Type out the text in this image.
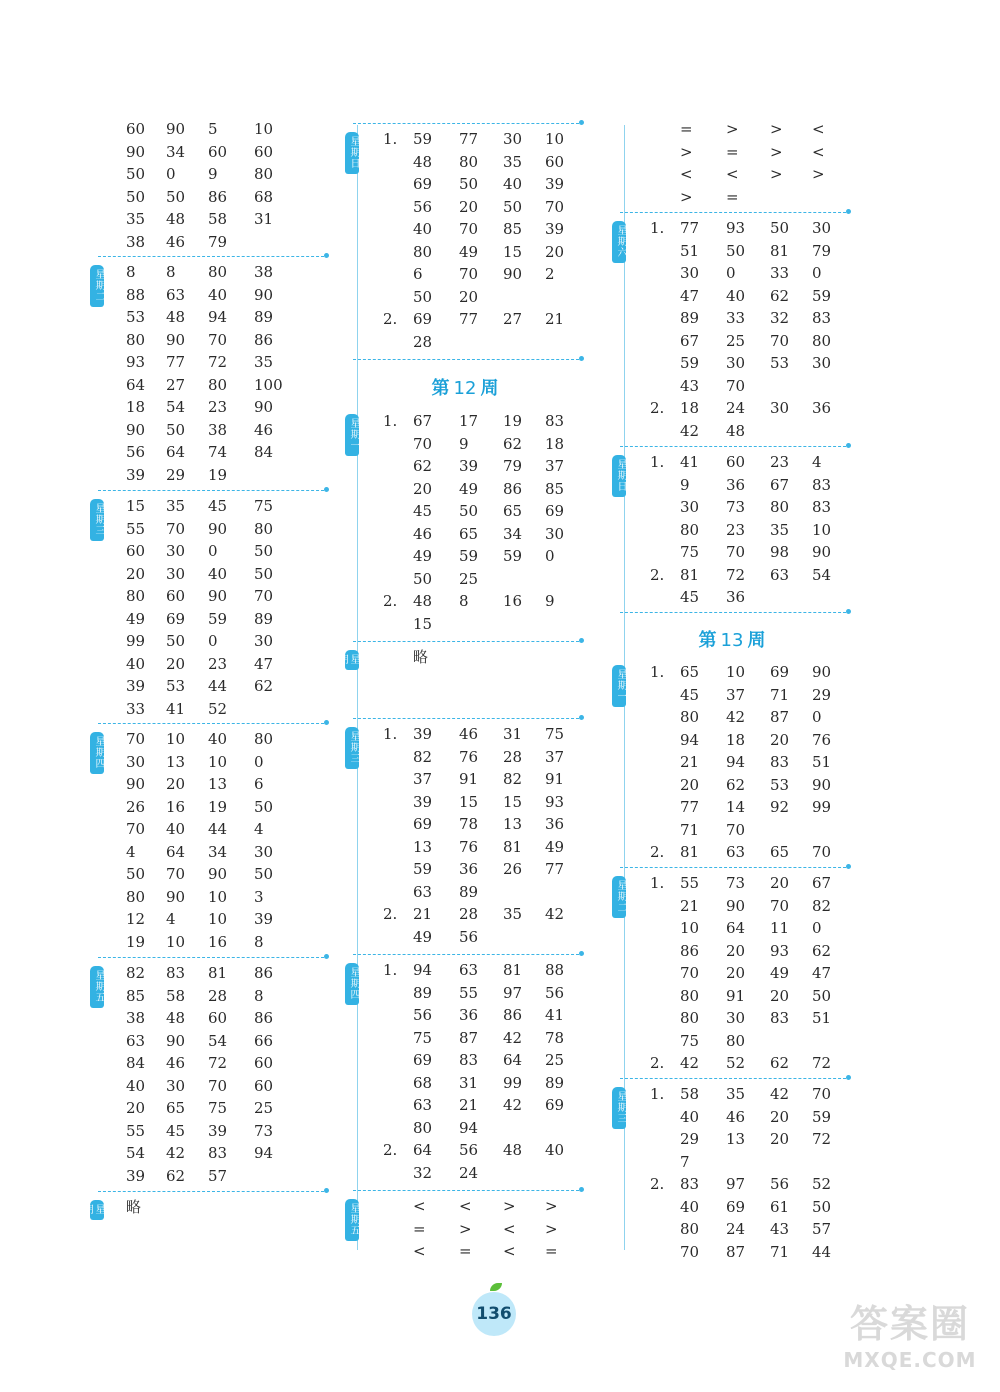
60 90 5 10
90 34 60 60
50 0 9 80
50 50 86 68
35 48 58 31
38 46 79
星期二 8 8 80 38
88 63 40 90
53 48 94 89
80 90 70 86
93 77 72 35
64 27 80 100
18 54 23 90
90 50 38 46
56 64 74 84
39 29 19
星期三 15 35 45 75
55 70 90 80
60 30 0 50
20 30 40 50
80 60 90 70
49 69 59 89
99 50 0 30
40 20 23 47
39 53 44 62
33 41 52
星期四 70 10 40 80
30 13 10 0
90 20 13 6
26 16 19 50
70 40 44 4
4 64 34 30
50 70 90 50
80 90 10 3
12 4 10 39
19 10 16 8
星期五 82 83 81 86
85 58 28 8
38 48 60 86
63 90 54 66
84 46 72 60
40 30 70 60
20 65 75 25
55 45 39 73
54 42 83 94
39 62 57
星期六	略
星期日 1. 59 77 30 10
48 80 35 60
69 50 40 39
56 20 50 70
40 70 85 39
80 49 15 20
6 70 90 2
50 20
2. 69 77 27 21
28
第 12 周
星期一 1. 67 17 19 83
70 9 62 18
62 39 79 37
20 49 86 85
45 50 65 69
46 65 34 30
49 59 59 0
50 25
2. 48 8 16 9
15
星期二	略
星期三 1. 39 46 31 75
82 76 28 37
37 91 82 91
39 15 15 93
69 78 13 36
13 76 81 49
59 36 26 77
63 89
2. 21 28 35 42
49 56
星期四 1. 94 63 81 88
89 55 97 56
56 36 86 41
75 87 42 78
69 83 64 25
68 31 99 89
63 21 42 69
80 94
2. 64 56 48 40
32 24
星期五	< < > >
= > < >
< = < =
= > > <
> = > <
< < > >
> =
星期六 1. 77 93 50 30
51 50 81 79
30 0 33 0
47 40 62 59
89 33 32 83
67 25 70 80
59 30 53 30
43 70
2. 18 24 30 36
42 48
星期日 1. 41 60 23 4
9 36 67 83
30 73 80 83
80 23 35 10
75 70 98 90
2. 81 72 63 54
45 36
第 13 周
星期一 1. 65 10 69 90
45 37 71 29
80 42 87 0
94 18 20 76
21 94 83 51
20 62 53 90
77 14 92 99
71 70
2. 81 63 65 70
星期二 1. 55 73 20 67
21 90 70 82
10 64 11 0
86 20 93 62
70 20 49 47
80 91 20 50
80 30 83 51
75 80
2. 42 52 62 72
星期三 1. 58 35 42 70
40 46 20 59
29 13 20 72
7
2. 83 97 56 52
40 69 61 50
80 24 43 57
70 87 71 44
136	答案圈
MXQE.COM
